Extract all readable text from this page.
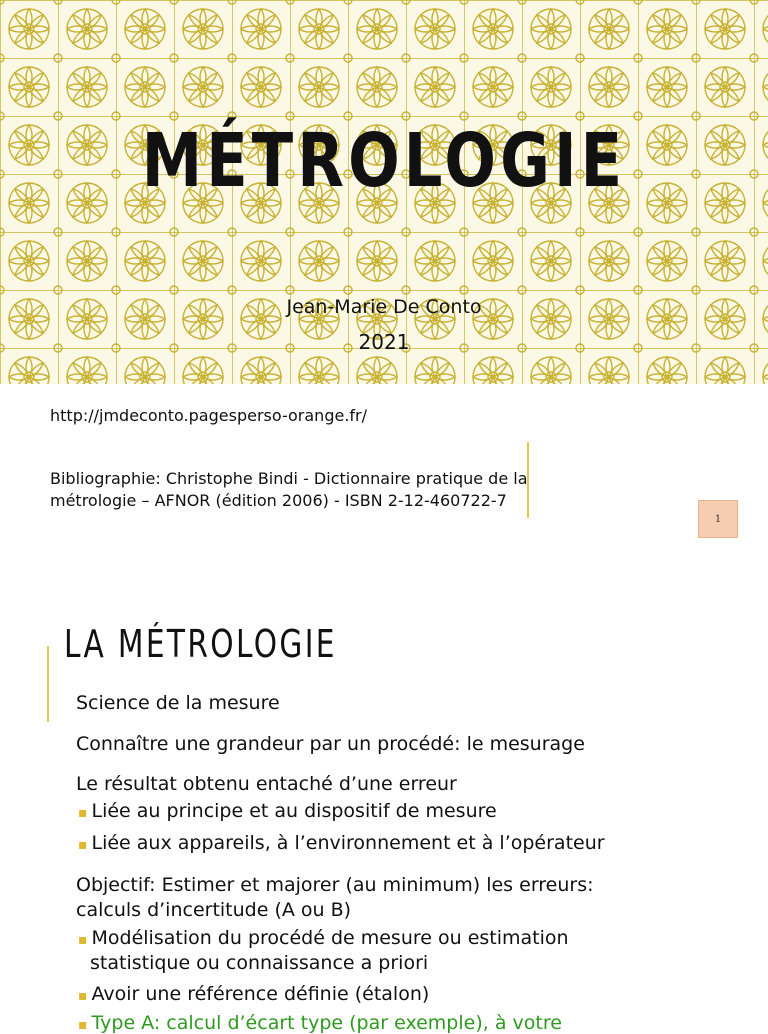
MÉTROLOGIE
Jean-Marie De Conto
2021
http://jmdeconto.pagesperso-orange.fr/
Bibliographie: Christophe Bindi - Dictionnaire pratique de la
métrologie – AFNOR (édition 2006) - ISBN 2-12-460722-7
1
LA MÉTROLOGIE
Science de la mesure
Connaître une grandeur par un procédé: le mesurage
Le résultat obtenu entaché d’une erreur
▪ Liée au principe et au dispositif de mesure
▪ Liée aux appareils, à l’environnement et à l’opérateur
Objectif: Estimer et majorer (au minimum) les erreurs:
calculs d’incertitude (A ou B)
▪ Modélisation du procédé de mesure ou estimation
statistique ou connaissance a priori
▪ Avoir une référence définie (étalon)
▪ Type A: calcul d’écart type (par exemple), à votre
